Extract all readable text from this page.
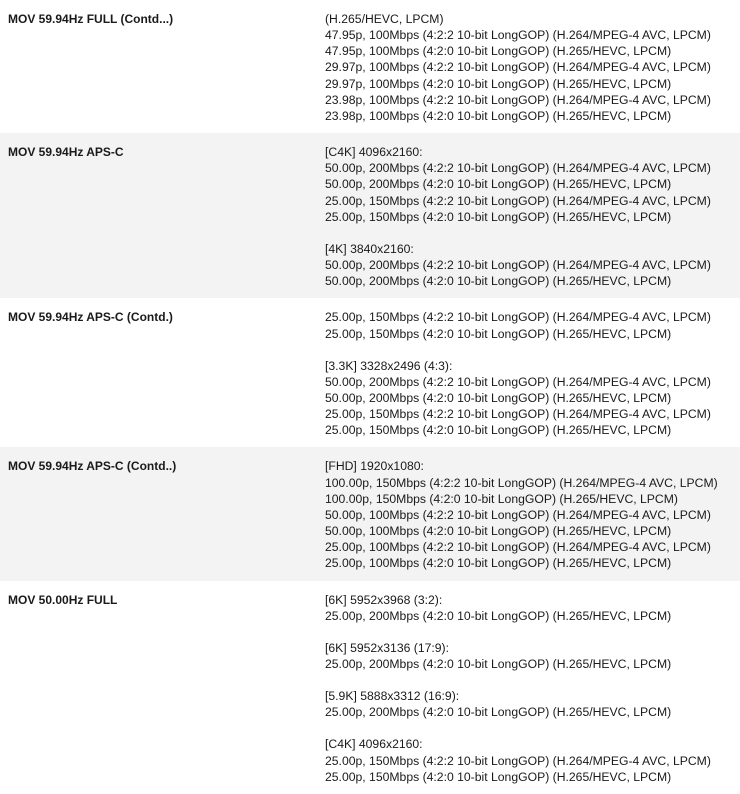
MOV 59.94Hz FULL (Contd...)	(H.265/HEVC, LPCM)
47.95p, 100Mbps (4:2:2 10-bit LongGOP) (H.264/MPEG-4 AVC, LPCM)
47.95p, 100Mbps (4:2:0 10-bit LongGOP) (H.265/HEVC, LPCM)
29.97p, 100Mbps (4:2:2 10-bit LongGOP) (H.264/MPEG-4 AVC, LPCM)
29.97p, 100Mbps (4:2:0 10-bit LongGOP) (H.265/HEVC, LPCM)
23.98p, 100Mbps (4:2:2 10-bit LongGOP) (H.264/MPEG-4 AVC, LPCM)
23.98p, 100Mbps (4:2:0 10-bit LongGOP) (H.265/HEVC, LPCM)
MOV 59.94Hz APS-C	[C4K] 4096x2160:
50.00p, 200Mbps (4:2:2 10-bit LongGOP) (H.264/MPEG-4 AVC, LPCM)
50.00p, 200Mbps (4:2:0 10-bit LongGOP) (H.265/HEVC, LPCM)
25.00p, 150Mbps (4:2:2 10-bit LongGOP) (H.264/MPEG-4 AVC, LPCM)
25.00p, 150Mbps (4:2:0 10-bit LongGOP) (H.265/HEVC, LPCM)
[4K] 3840x2160:
50.00p, 200Mbps (4:2:2 10-bit LongGOP) (H.264/MPEG-4 AVC, LPCM)
50.00p, 200Mbps (4:2:0 10-bit LongGOP) (H.265/HEVC, LPCM)
MOV 59.94Hz APS-C (Contd.)	25.00p, 150Mbps (4:2:2 10-bit LongGOP) (H.264/MPEG-4 AVC, LPCM)
25.00p, 150Mbps (4:2:0 10-bit LongGOP) (H.265/HEVC, LPCM)
[3.3K] 3328x2496 (4:3):
50.00p, 200Mbps (4:2:2 10-bit LongGOP) (H.264/MPEG-4 AVC, LPCM)
50.00p, 200Mbps (4:2:0 10-bit LongGOP) (H.265/HEVC, LPCM)
25.00p, 150Mbps (4:2:2 10-bit LongGOP) (H.264/MPEG-4 AVC, LPCM)
25.00p, 150Mbps (4:2:0 10-bit LongGOP) (H.265/HEVC, LPCM)
MOV 59.94Hz APS-C (Contd..)	[FHD] 1920x1080:
100.00p, 150Mbps (4:2:2 10-bit LongGOP) (H.264/MPEG-4 AVC, LPCM)
100.00p, 150Mbps (4:2:0 10-bit LongGOP) (H.265/HEVC, LPCM)
50.00p, 100Mbps (4:2:2 10-bit LongGOP) (H.264/MPEG-4 AVC, LPCM)
50.00p, 100Mbps (4:2:0 10-bit LongGOP) (H.265/HEVC, LPCM)
25.00p, 100Mbps (4:2:2 10-bit LongGOP) (H.264/MPEG-4 AVC, LPCM)
25.00p, 100Mbps (4:2:0 10-bit LongGOP) (H.265/HEVC, LPCM)
MOV 50.00Hz FULL	[6K] 5952x3968 (3:2):
25.00p, 200Mbps (4:2:0 10-bit LongGOP) (H.265/HEVC, LPCM)
[6K] 5952x3136 (17:9):
25.00p, 200Mbps (4:2:0 10-bit LongGOP) (H.265/HEVC, LPCM)
[5.9K] 5888x3312 (16:9):
25.00p, 200Mbps (4:2:0 10-bit LongGOP) (H.265/HEVC, LPCM)
[C4K] 4096x2160:
25.00p, 150Mbps (4:2:2 10-bit LongGOP) (H.264/MPEG-4 AVC, LPCM)
25.00p, 150Mbps (4:2:0 10-bit LongGOP) (H.265/HEVC, LPCM)
